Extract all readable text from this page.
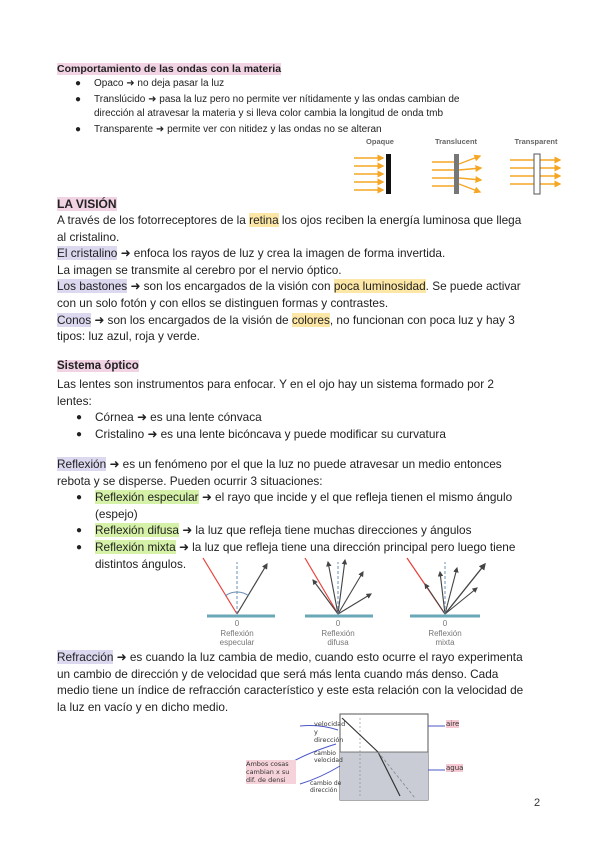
Comportamiento de las ondas con la materia
● Opaco ➜ no deja pasar la luz
● Translúcido ➜ pasa la luz pero no permite ver nítidamente y las ondas cambian de
dirección al atravesar la materia y si lleva color cambia la longitud de onda tmb
● Transparente ➜ permite ver con nitidez y las ondas no se alteran
Opaque	Translucent	Transparent
LA VISIÓN
A través de los fotorreceptores de la retina los ojos reciben la energía luminosa que llega
al cristalino.
El cristalino ➜ enfoca los rayos de luz y crea la imagen de forma invertida.
La imagen se transmite al cerebro por el nervio óptico.
Los bastones ➜ son los encargados de la visión con poca luminosidad. Se puede activar
con un solo fotón y con ellos se distinguen formas y contrastes.
Conos ➜ son los encargados de la visión de colores, no funcionan con poca luz y hay 3
tipos: luz azul, roja y verde.
Sistema óptico
Las lentes son instrumentos para enfocar. Y en el ojo hay un sistema formado por 2
lentes:
● Córnea ➜ es una lente cónvaca
● Cristalino ➜ es una lente bicóncava y puede modificar su curvatura
Reflexión ➜ es un fenómeno por el que la luz no puede atravesar un medio entonces
rebota y se disperse. Pueden ocurrir 3 situaciones:
● Reflexión especular ➜ el rayo que incide y el que refleja tienen el mismo ángulo
(espejo)
● Reflexión difusa ➜ la luz que refleja tiene muchas direcciones y ángulos
● Reflexión mixta ➜ la luz que refleja tiene una dirección principal pero luego tiene
distintos ángulos.
0
Reflexión
especular
0
Reflexión
difusa
0
Reflexión
mixta
Refracción ➜ es cuando la luz cambia de medio, cuando esto ocurre el rayo experimenta
un cambio de dirección y de velocidad que será más lenta cuando más denso. Cada
medio tiene un índice de refracción característico y este esta relación con la velocidad de
la luz en vacío y en dicho medio.
velocidad y dirección
aire
agua
cambio velocidad
cambio de dirección
Ambos cosas cambian x su dif. de densi
2
